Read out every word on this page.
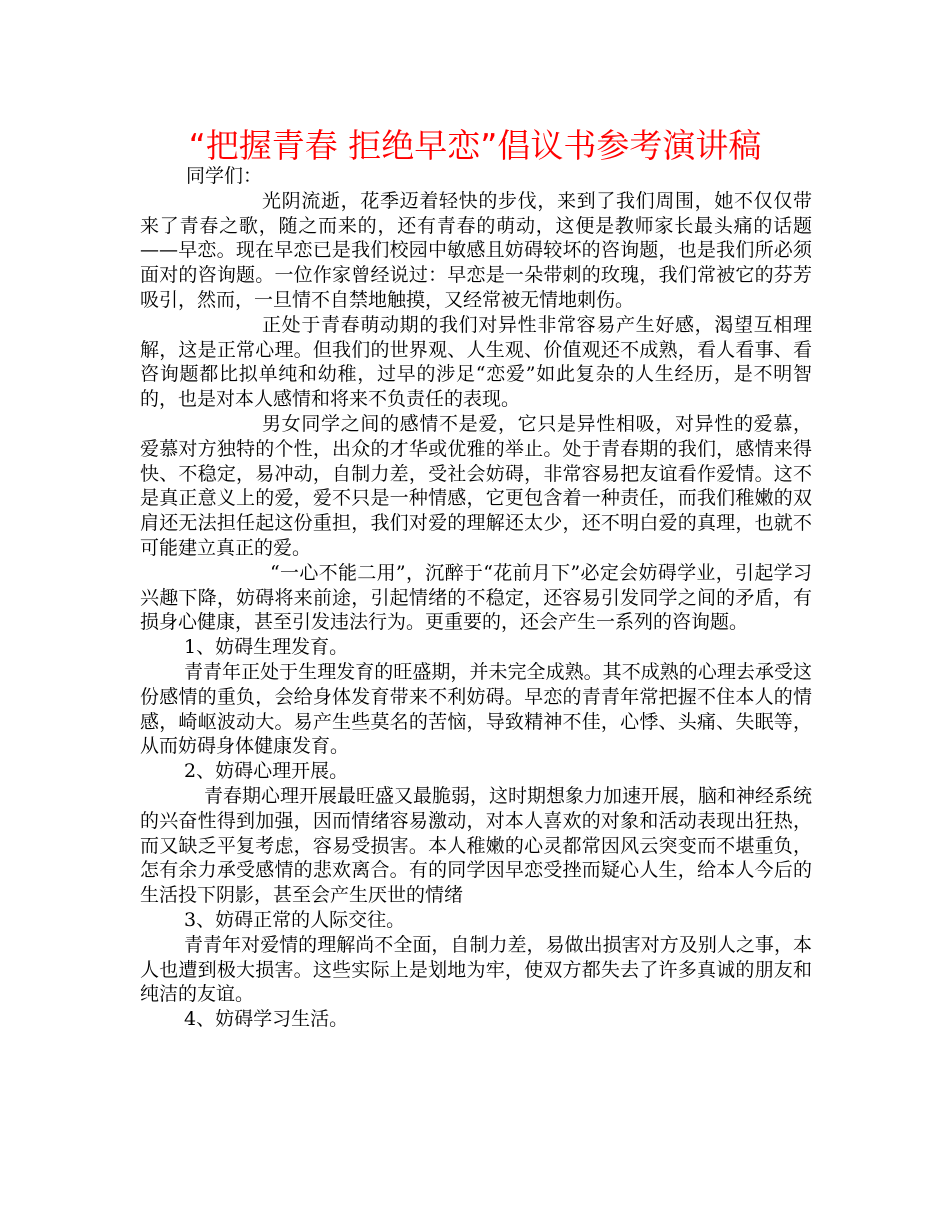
“把握青春 拒绝早恋”倡议书参考演讲稿

同学们：

光阴流逝，花季迈着轻快的步伐，来到了我们周围，她不仅仅带来了青春之歌，随之而来的，还有青春的萌动，这便是教师家长最头痛的话题——早恋。现在早恋已是我们校园中敏感且妨碍较坏的咨询题，也是我们所必须面对的咨询题。一位作家曾经说过：早恋是一朵带刺的玫瑰，我们常被它的芬芳吸引，然而，一旦情不自禁地触摸，又经常被无情地刺伤。

正处于青春萌动期的我们对异性非常容易产生好感，渴望互相理解，这是正常心理。但我们的世界观、人生观、价值观还不成熟，看人看事、看咨询题都比拟单纯和幼稚，过早的涉足“恋爱”如此复杂的人生经历，是不明智的，也是对本人感情和将来不负责任的表现。

男女同学之间的感情不是爱，它只是异性相吸，对异性的爱慕，爱慕对方独特的个性，出众的才华或优雅的举止。处于青春期的我们，感情来得快、不稳定，易冲动，自制力差，受社会妨碍，非常容易把友谊看作爱情。这不是真正意义上的爱，爱不只是一种情感，它更包含着一种责任，而我们稚嫩的双肩还无法担任起这份重担，我们对爱的理解还太少，还不明白爱的真理，也就不可能建立真正的爱。

“一心不能二用”，沉醉于“花前月下”必定会妨碍学业，引起学习兴趣下降，妨碍将来前途，引起情绪的不稳定，还容易引发同学之间的矛盾，有损身心健康，甚至引发违法行为。更重要的，还会产生一系列的咨询题。

1、妨碍生理发育。

青青年正处于生理发育的旺盛期，并未完全成熟。其不成熟的心理去承受这份感情的重负，会给身体发育带来不利妨碍。早恋的青青年常把握不住本人的情感，崎岖波动大。易产生些莫名的苦恼，导致精神不佳，心悸、头痛、失眠等，从而妨碍身体健康发育。

2、妨碍心理开展。

青春期心理开展最旺盛又最脆弱，这时期想象力加速开展，脑和神经系统的兴奋性得到加强，因而情绪容易激动，对本人喜欢的对象和活动表现出狂热，而又缺乏平复考虑，容易受损害。本人稚嫩的心灵都常因风云突变而不堪重负，怎有余力承受感情的悲欢离合。有的同学因早恋受挫而疑心人生，给本人今后的生活投下阴影，甚至会产生厌世的情绪

3、妨碍正常的人际交往。

青青年对爱情的理解尚不全面，自制力差，易做出损害对方及别人之事，本人也遭到极大损害。这些实际上是划地为牢，使双方都失去了许多真诚的朋友和纯洁的友谊。

4、妨碍学习生活。
